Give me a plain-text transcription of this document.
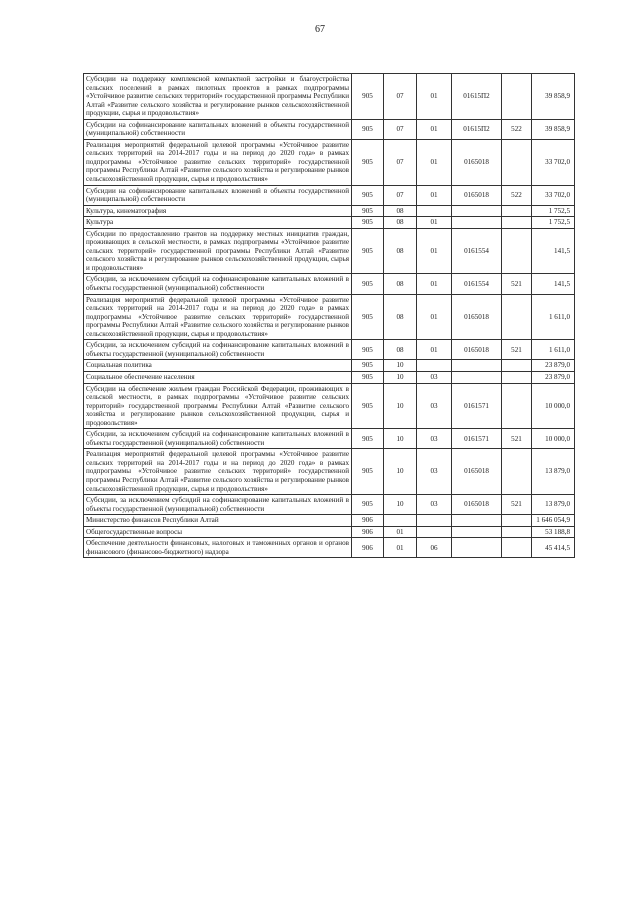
67
Субсидии на поддержку комплексной компактной застройки и благоустройства сельских поселений в рамках пилотных проектов в рамках подпрограммы «Устойчивое развитие сельских территорий» государственной программы Республики Алтай «Развитие сельского хозяйства и регулирование рынков сельскохозяйственной продукции, сырья и продовольствия»	905	07	01	01615П2		39 858,9
Субсидии на софинансирование капитальных вложений в объекты государственной (муниципальной) собственности	905	07	01	01615П2	522	39 858,9
Реализация мероприятий федеральной целевой программы «Устойчивое развитие сельских территорий на 2014-2017 годы и на период до 2020 года» в рамках подпрограммы «Устойчивое развитие сельских территорий» государственной программы Республики Алтай «Развитие сельского хозяйства и регулирование рынков сельскохозяйственной продукции, сырья и продовольствия»	905	07	01	0165018		33 702,0
Субсидии на софинансирование капитальных вложений в объекты государственной (муниципальной) собственности	905	07	01	0165018	522	33 702,0
Культура, кинематография	905	08				1 752,5
Культура	905	08	01			1 752,5
Субсидии по предоставлению грантов на поддержку местных инициатив граждан, проживающих в сельской местности, в рамках подпрограммы «Устойчивое развитие сельских территорий» государственной программы Республики Алтай «Развитие сельского хозяйства и регулирование рынков сельскохозяйственной продукции, сырья и продовольствия»	905	08	01	0161554		141,5
Субсидии, за исключением субсидий на софинансирование капитальных вложений в объекты государственной (муниципальной) собственности	905	08	01	0161554	521	141,5
Реализация мероприятий федеральной целевой программы «Устойчивое развитие сельских территорий на 2014-2017 годы и на период до 2020 года» в рамках подпрограммы «Устойчивое развитие сельских территорий» государственной программы Республики Алтай «Развитие сельского хозяйства и регулирование рынков сельскохозяйственной продукции, сырья и продовольствия»	905	08	01	0165018		1 611,0
Субсидии, за исключением субсидий на софинансирование капитальных вложений в объекты государственной (муниципальной) собственности	905	08	01	0165018	521	1 611,0
Социальная политика	905	10				23 879,0
Социальное обеспечение населения	905	10	03			23 879,0
Субсидии на обеспечение жильем граждан Российской Федерации, проживающих в сельской местности, в рамках подпрограммы «Устойчивое развитие сельских территорий» государственной программы Республики Алтай «Развитие сельского хозяйства и регулирование рынков сельскохозяйственной продукции, сырья и продовольствия»	905	10	03	0161571		10 000,0
Субсидии, за исключением субсидий на софинансирование капитальных вложений в объекты государственной (муниципальной) собственности	905	10	03	0161571	521	10 000,0
Реализация мероприятий федеральной целевой программы «Устойчивое развитие сельских территорий на 2014-2017 годы и на период до 2020 года» в рамках подпрограммы «Устойчивое развитие сельских территорий» государственной программы Республики Алтай «Развитие сельского хозяйства и регулирование рынков сельскохозяйственной продукции, сырья и продовольствия»	905	10	03	0165018		13 879,0
Субсидии, за исключением субсидий на софинансирование капитальных вложений в объекты государственной (муниципальной) собственности	905	10	03	0165018	521	13 879,0
Министерство финансов Республики Алтай	906					1 646 054,9
Общегосударственные вопросы	906	01				53 188,8
Обеспечение деятельности финансовых, налоговых и таможенных органов и органов финансового (финансово-бюджетного) надзора	906	01	06			45 414,5
